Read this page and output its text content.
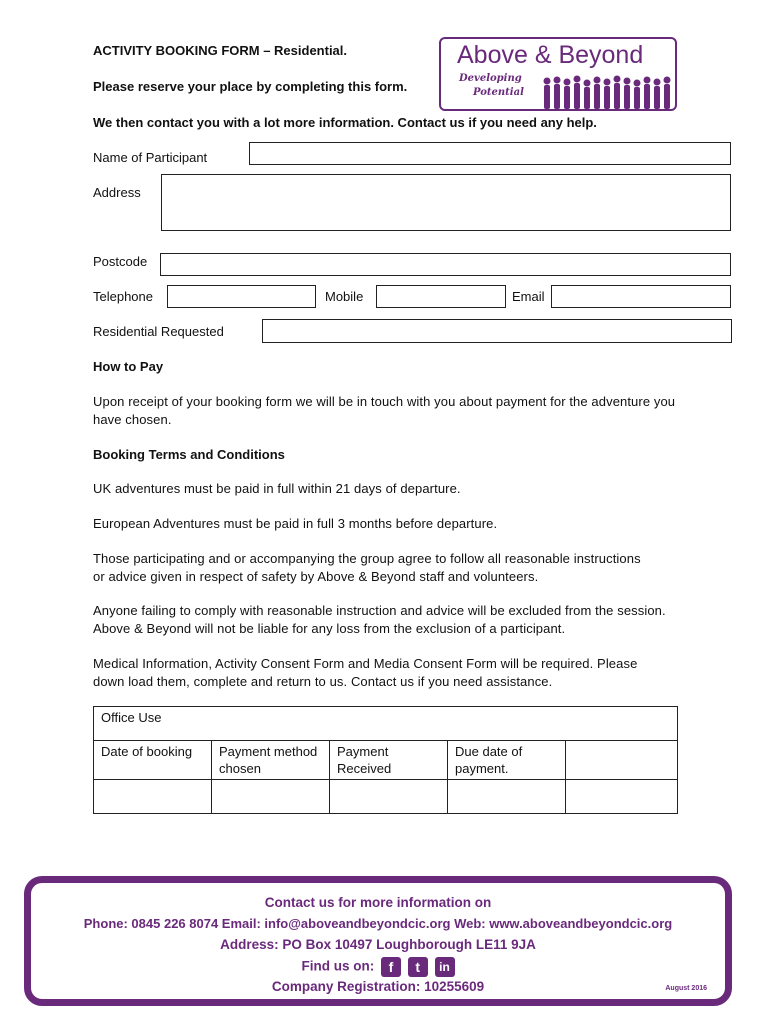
ACTIVITY BOOKING FORM – Residential.
Please reserve your place by completing this form.
We then contact you with a lot more information. Contact us if you need any help.
Above & Beyond
Developing
Potential
Name of Participant
Address
Postcode
Telephone	Mobile	Email
Residential Requested
How to Pay
Upon receipt of your booking form we will be in touch with you about payment for the adventure you have chosen.
Booking Terms and Conditions
UK adventures must be paid in full within 21 days of departure.
European Adventures must be paid in full 3 months before departure.
Those participating and or accompanying the group agree to follow all reasonable instructions or advice given in respect of safety by Above & Beyond staff and volunteers.
Anyone failing to comply with reasonable instruction and advice will be excluded from the session. Above & Beyond will not be liable for any loss from the exclusion of a participant.
Medical Information, Activity Consent Form and Media Consent Form will be required. Please down load them, complete and return to us. Contact us if you need assistance.
Office Use				
Date of booking	Payment method chosen	Payment Received	Due date of payment.	

Contact us for more information on
Phone: 0845 226 8074 Email: info@aboveandbeyondcic.org Web: www.aboveandbeyondcic.org
Address: PO Box 10497 Loughborough LE11 9JA
Find us on: f t in
Company Registration: 10255609	August 2016
